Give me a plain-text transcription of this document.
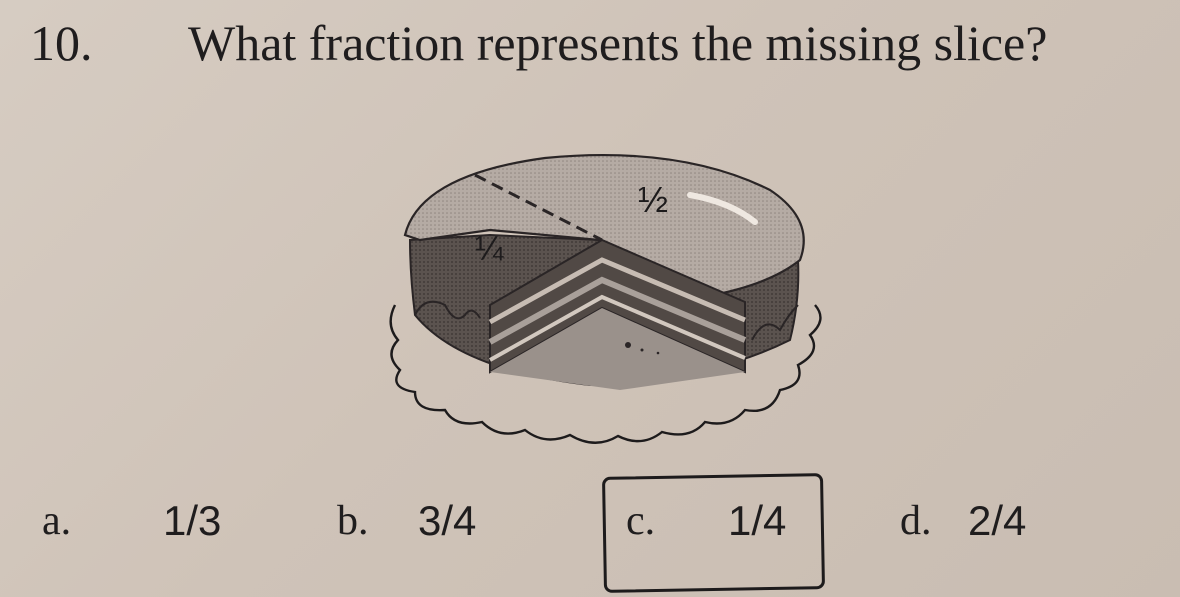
10. What fraction represents the missing slice?
½
¼
a. 1/3	b. 3/4	c. 1/4	d. 2/4
